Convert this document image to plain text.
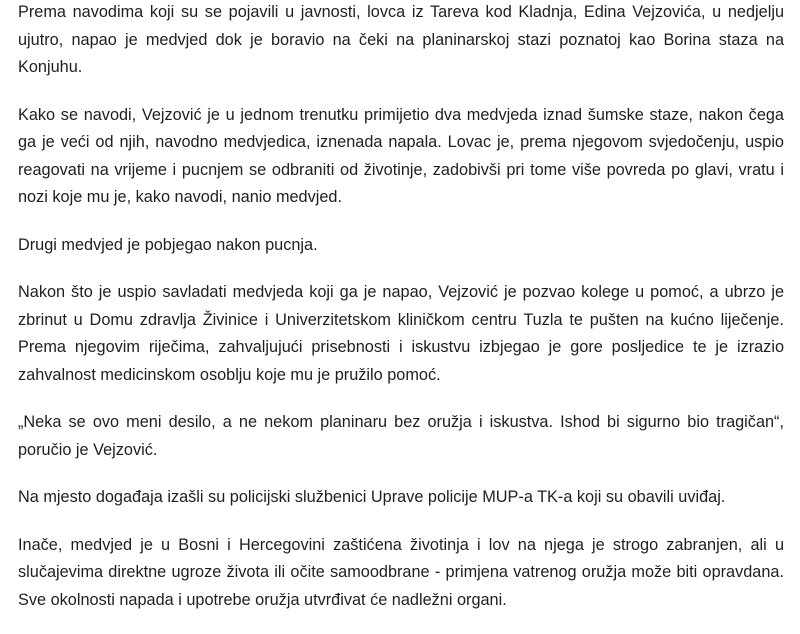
Prema navodima koji su se pojavili u javnosti, lovca iz Tareva kod Kladnja, Edina Vejzovića, u nedjelju ujutro, napao je medvjed dok je boravio na čeki na planinarskoj stazi poznatoj kao Borina staza na Konjuhu.

Kako se navodi, Vejzović je u jednom trenutku primijetio dva medvjeda iznad šumske staze, nakon čega ga je veći od njih, navodno medvjedica, iznenada napala. Lovac je, prema njegovom svjedočenju, uspio reagovati na vrijeme i pucnjem se odbraniti od životinje, zadobivši pri tome više povreda po glavi, vratu i nozi koje mu je, kako navodi, nanio medvjed.

Drugi medvjed je pobjegao nakon pucnja.

Nakon što je uspio savladati medvjeda koji ga je napao, Vejzović je pozvao kolege u pomoć, a ubrzo je zbrinut u Domu zdravlja Živinice i Univerzitetskom kliničkom centru Tuzla te pušten na kućno liječenje. Prema njegovim riječima, zahvaljujući prisebnosti i iskustvu izbjegao je gore posljedice te je izrazio zahvalnost medicinskom osoblju koje mu je pružilo pomoć.

„Neka se ovo meni desilo, a ne nekom planinaru bez oružja i iskustva. Ishod bi sigurno bio tragičan“, poručio je Vejzović.

Na mjesto događaja izašli su policijski službenici Uprave policije MUP-a TK-a koji su obavili uviđaj.

Inače, medvjed je u Bosni i Hercegovini zaštićena životinja i lov na njega je strogo zabranjen, ali u slučajevima direktne ugroze života ili očite samoodbrane - primjena vatrenog oružja može biti opravdana. Sve okolnosti napada i upotrebe oružja utvrđivat će nadležni organi.
